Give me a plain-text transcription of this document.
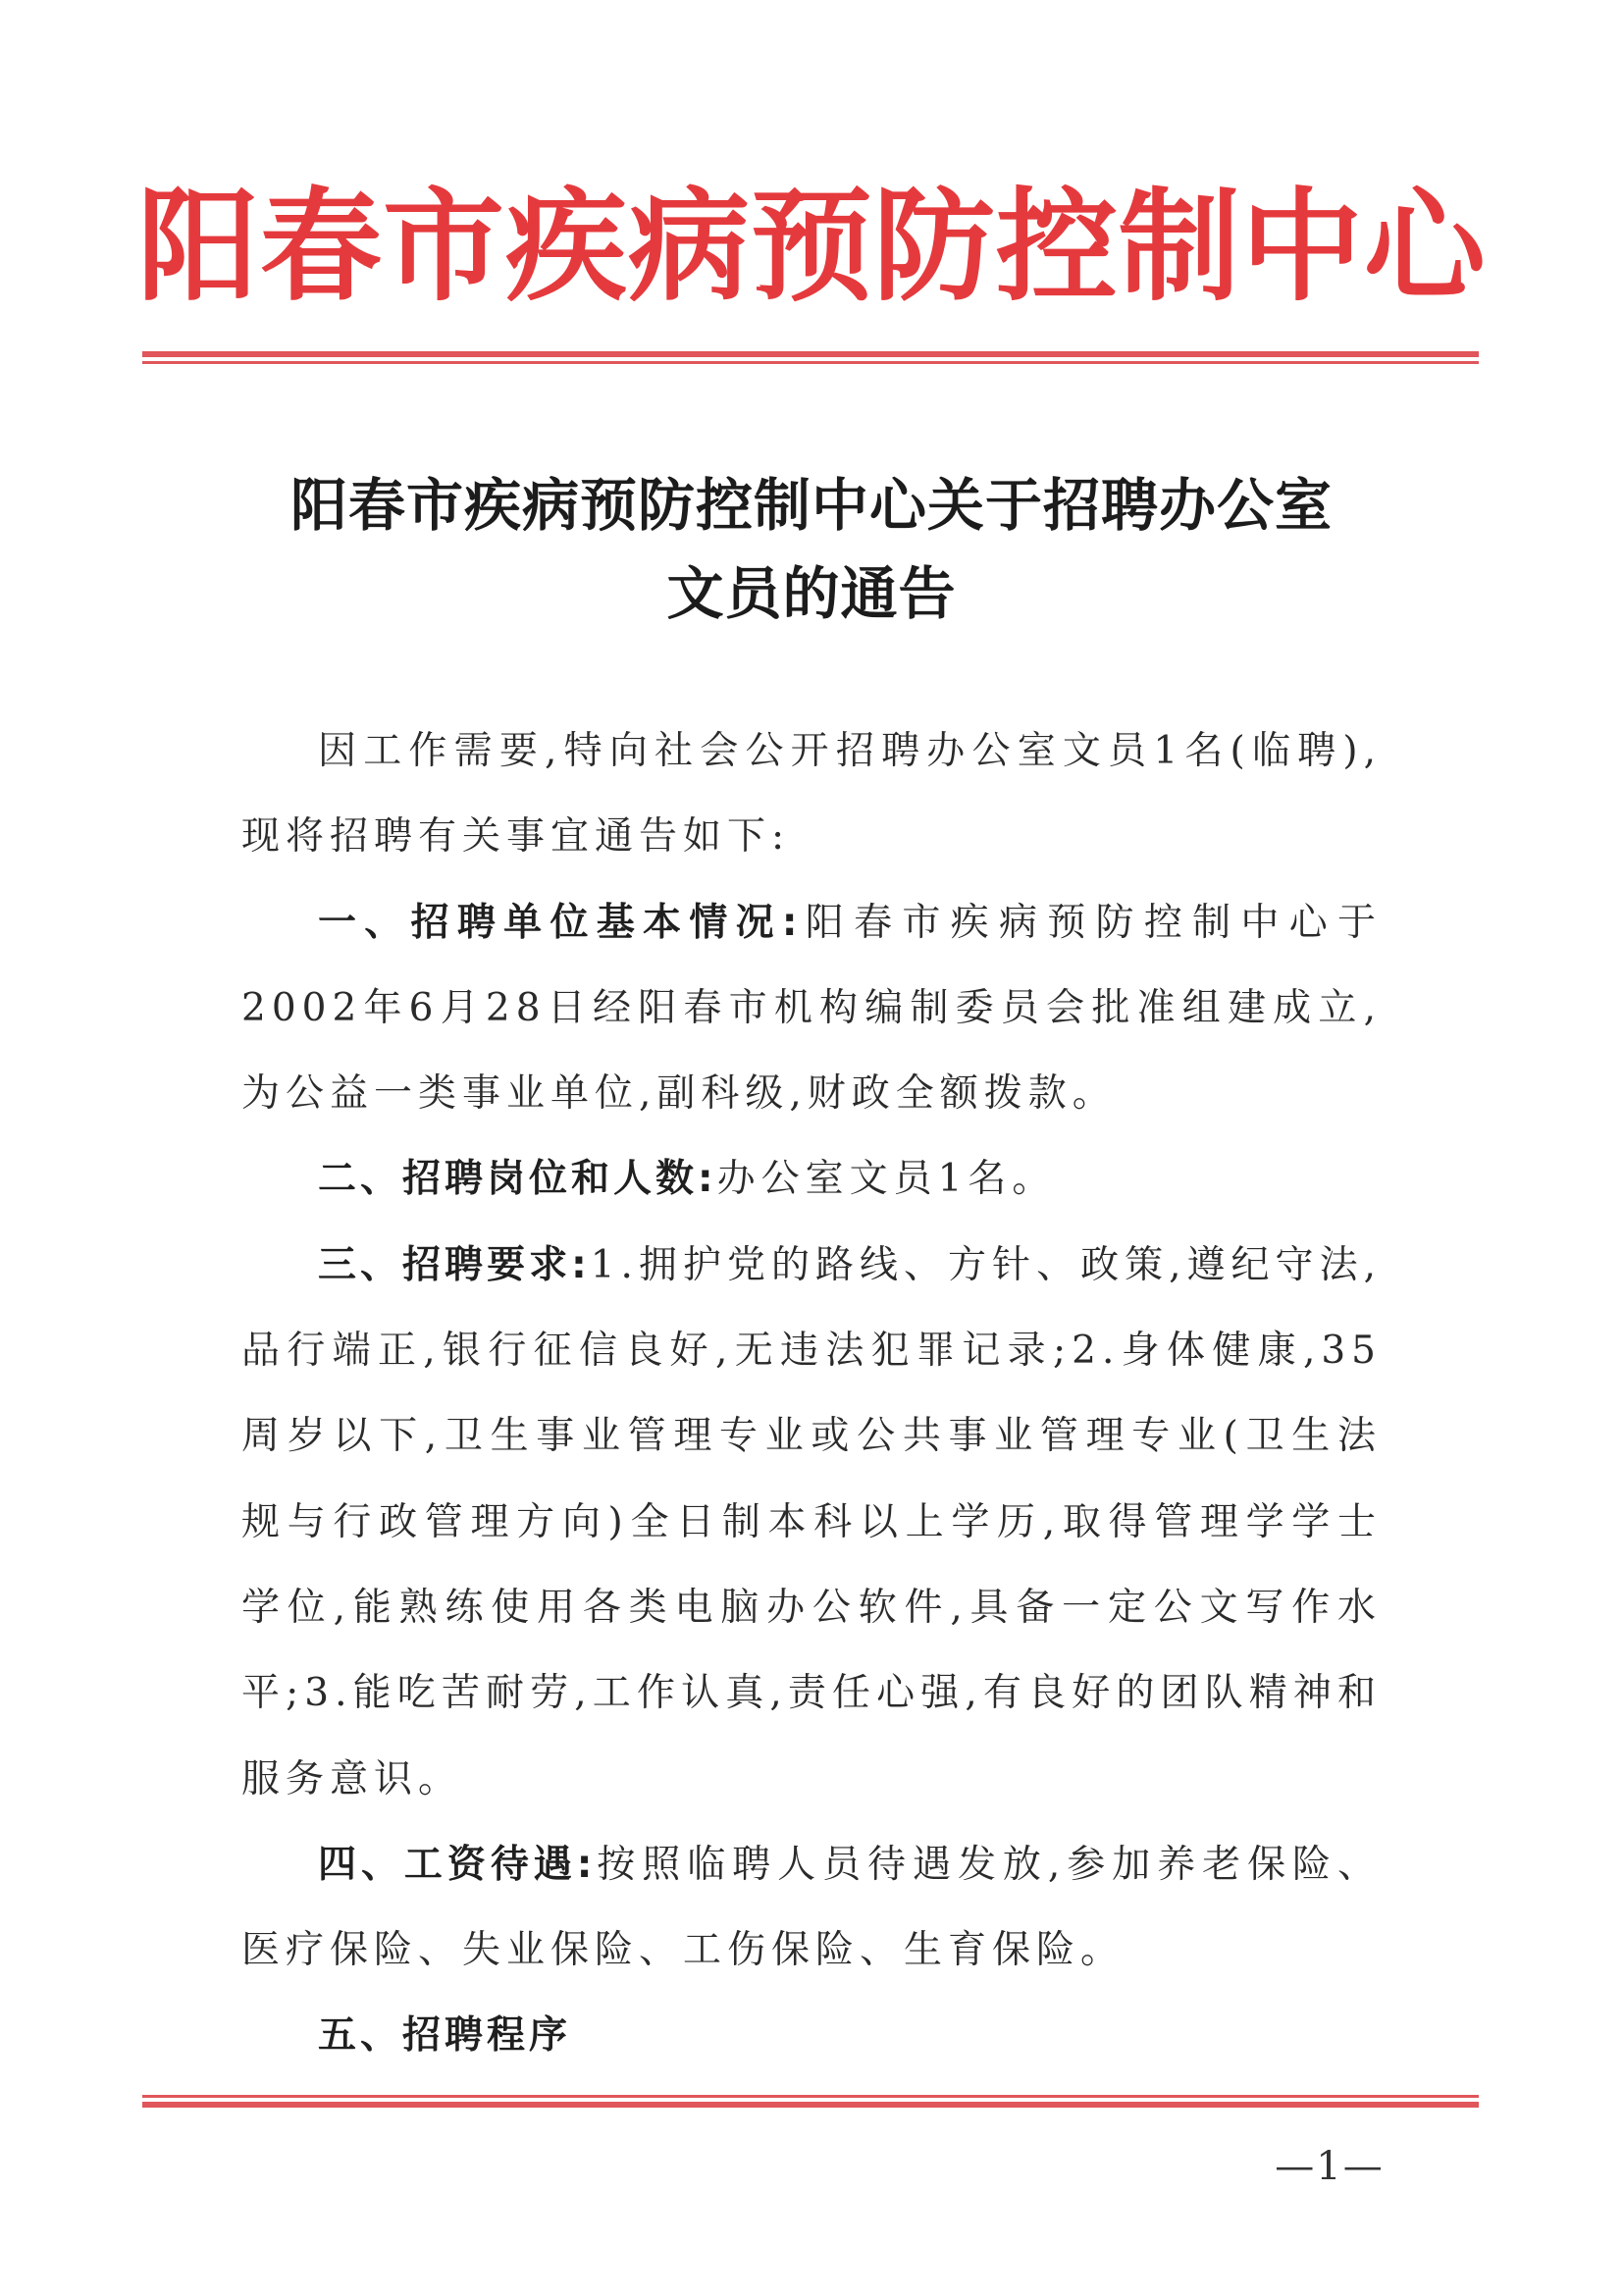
阳 春 市 疾 病 预 防 控 制 中 心
阳春市疾病预防控制中心关于招聘办公室
文员的通告

因工作需要,特向社会公开招聘办公室文员1名(临聘),现将招聘有关事宜通告如下:

一、招聘单位基本情况:阳春市疾病预防控制中心于2002年6月28日经阳春市机构编制委员会批准组建成立,为公益一类事业单位,副科级,财政全额拨款。

二、招聘岗位和人数:办公室文员1名。

三、招聘要求:1.拥护党的路线、方针、政策,遵纪守法,品行端正,银行征信良好,无违法犯罪记录;2.身体健康,35周岁以下,卫生事业管理专业或公共事业管理专业(卫生法规与行政管理方向)全日制本科以上学历,取得管理学学士学位,能熟练使用各类电脑办公软件,具备一定公文写作水平;3.能吃苦耐劳,工作认真,责任心强,有良好的团队精神和服务意识。

四、工资待遇:按照临聘人员待遇发放,参加养老保险、医疗保险、失业保险、工伤保险、生育保险。

五、招聘程序

—1—
